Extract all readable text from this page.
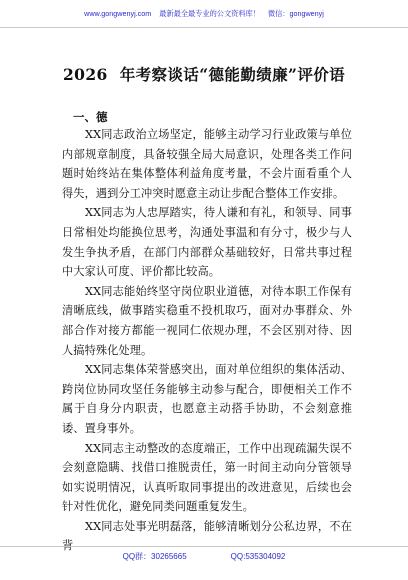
www.gongwenyj.com 最新最全最专业的公文资料库！ 微信：gongwenyj
2026 年考察谈话“德能勤绩廉”评价语
一、德

XX同志政治立场坚定，能够主动学习行业政策与单位内部规章制度，具备较强全局大局意识，处理各类工作问题时始终站在集体整体利益角度考量，不会片面看重个人得失，遇到分工冲突时愿意主动让步配合整体工作安排。

XX同志为人忠厚踏实，待人谦和有礼，和领导、同事日常相处均能换位思考，沟通处事温和有分寸，极少与人发生争执矛盾，在部门内部群众基础较好，日常共事过程中大家认可度、评价都比较高。

XX同志能始终坚守岗位职业道德，对待本职工作保有清晰底线，做事踏实稳重不投机取巧，面对办事群众、外部合作对接方都能一视同仁依规办理，不会区别对待、因人搞特殊化处理。

XX同志集体荣誉感突出，面对单位组织的集体活动、跨岗位协同攻坚任务能够主动参与配合，即便相关工作不属于自身分内职责，也愿意主动搭手协助，不会刻意推诿、置身事外。

XX同志主动整改的态度端正，工作中出现疏漏失误不会刻意隐瞒、找借口推脱责任，第一时间主动向分管领导如实说明情况，认真听取同事提出的改进意见，后续也会针对性优化，避免同类问题重复发生。

XX同志处事光明磊落，能够清晰划分公私边界，不在背

QQ群：30265665	QQ:535304092
